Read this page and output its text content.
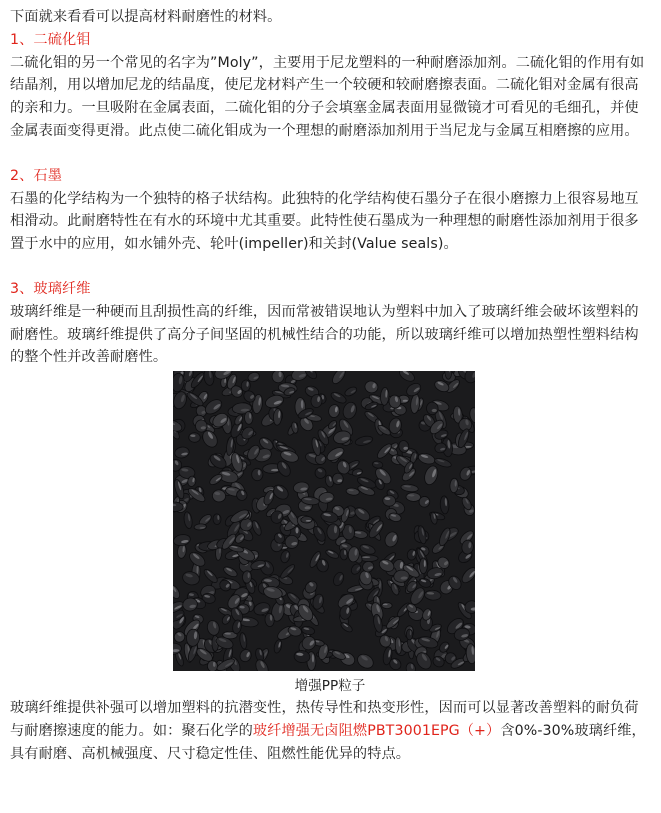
下面就来看看可以提高材料耐磨性的材料。

1、二硫化钼

二硫化钼的另一个常见的名字为”Moly”，主要用于尼龙塑料的一种耐磨添加剂。二硫化钼的作用有如结晶剂，用以增加尼龙的结晶度，使尼龙材料产生一个较硬和较耐磨擦表面。二硫化钼对金属有很高的亲和力。一旦吸附在金属表面，二硫化钼的分子会填塞金属表面用显微镜才可看见的毛细孔，并使金属表面变得更滑。此点使二硫化钼成为一个理想的耐磨添加剂用于当尼龙与金属互相磨擦的应用。

2、石墨

石墨的化学结构为一个独特的格子状结构。此独特的化学结构使石墨分子在很小磨擦力上很容易地互相滑动。此耐磨特性在有水的环境中尤其重要。此特性使石墨成为一种理想的耐磨性添加剂用于很多置于水中的应用，如水铺外壳、轮叶(impeller)和关封(Value seals)。

3、玻璃纤维

玻璃纤维是一种硬而且刮损性高的纤维，因而常被错误地认为塑料中加入了玻璃纤维会破坏该塑料的耐磨性。玻璃纤维提供了高分子间坚固的机械性结合的功能，所以玻璃纤维可以增加热塑性塑料结构的整个性并改善耐磨性。

增强PP粒子

玻璃纤维提供补强可以增加塑料的抗潜变性，热传导性和热变形性，因而可以显著改善塑料的耐负荷与耐磨擦速度的能力。如：聚石化学的玻纤增强无卤阻燃PBT3001EPG（+）含0%-30%玻璃纤维，具有耐磨、高机械强度、尺寸稳定性佳、阻燃性能优异的特点。
